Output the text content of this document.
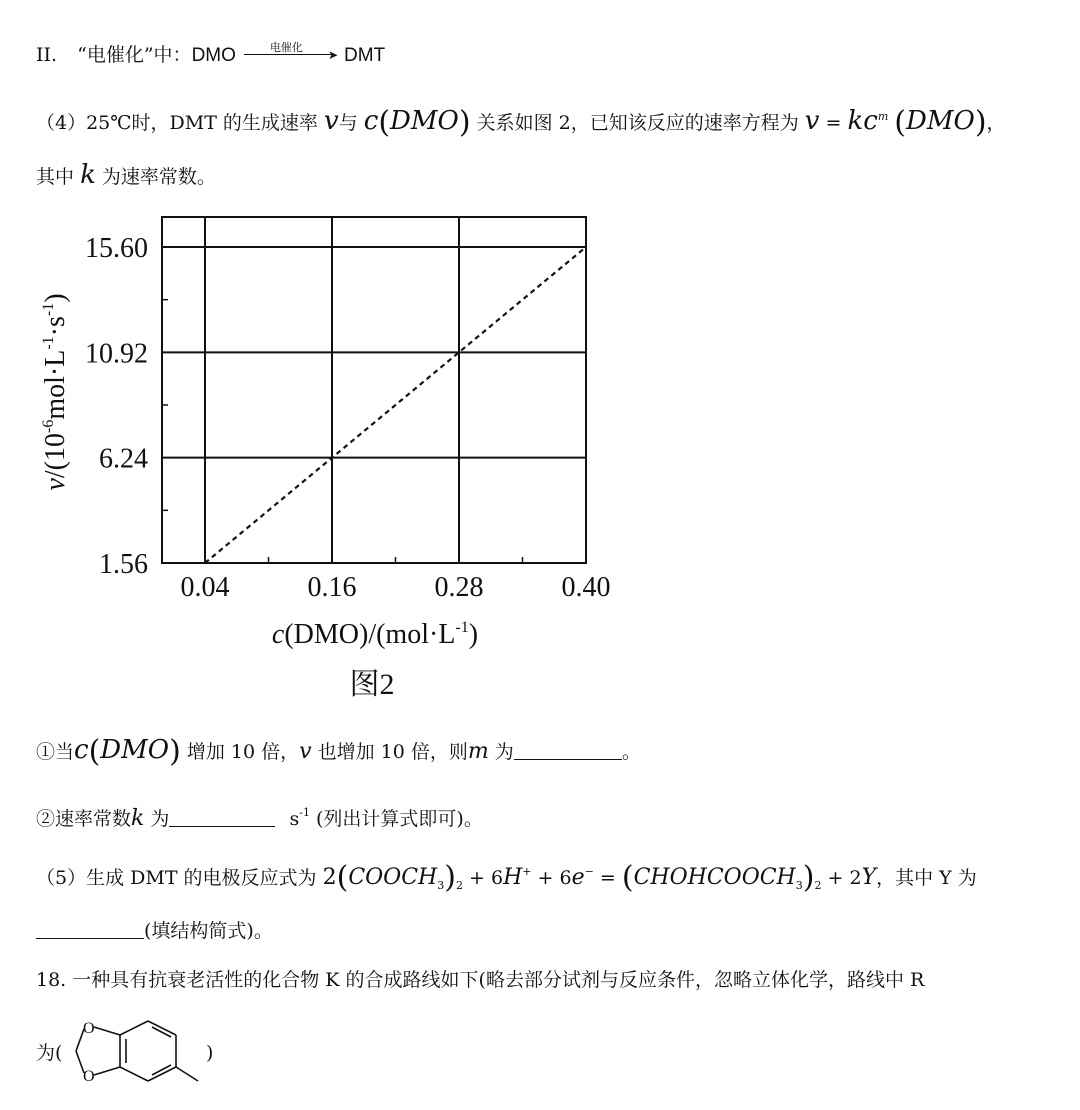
II. “电催化”中：DMO	电催化
➤ DMT
（4）25℃时，DMT 的生成速率 v与 c(DMO) 关系如图 2，已知该反应的速率方程为 $v = kc^m$ (DMO)，
其中 k 为速率常数。
0.04	0.16	0.28	0.40
1.56
6.24
10.92
15.60
$v/(10^{-6}mol\cdot L^{-1}\cdot s^{-1})$
$c(DMO)/(mol\cdot L^{-1})$
图2
①当c(DMO) 增加 10 倍，v 也增加 10 倍，则m 为	。
②速率常数k 为	$s^{-1}$ (列出计算式即可)。
（5）生成 DMT 的电极反应式为 $2(COOCH_3)_2 + 6H^+ + 6e^-$ = $(CHOHCOOCH_3)_2 + 2Y$，其中 Y 为
(填结构简式)。
18. 一种具有抗衰老活性的化合物 K 的合成路线如下(略去部分试剂与反应条件，忽略立体化学，路线中 R
为(
O
O
)
